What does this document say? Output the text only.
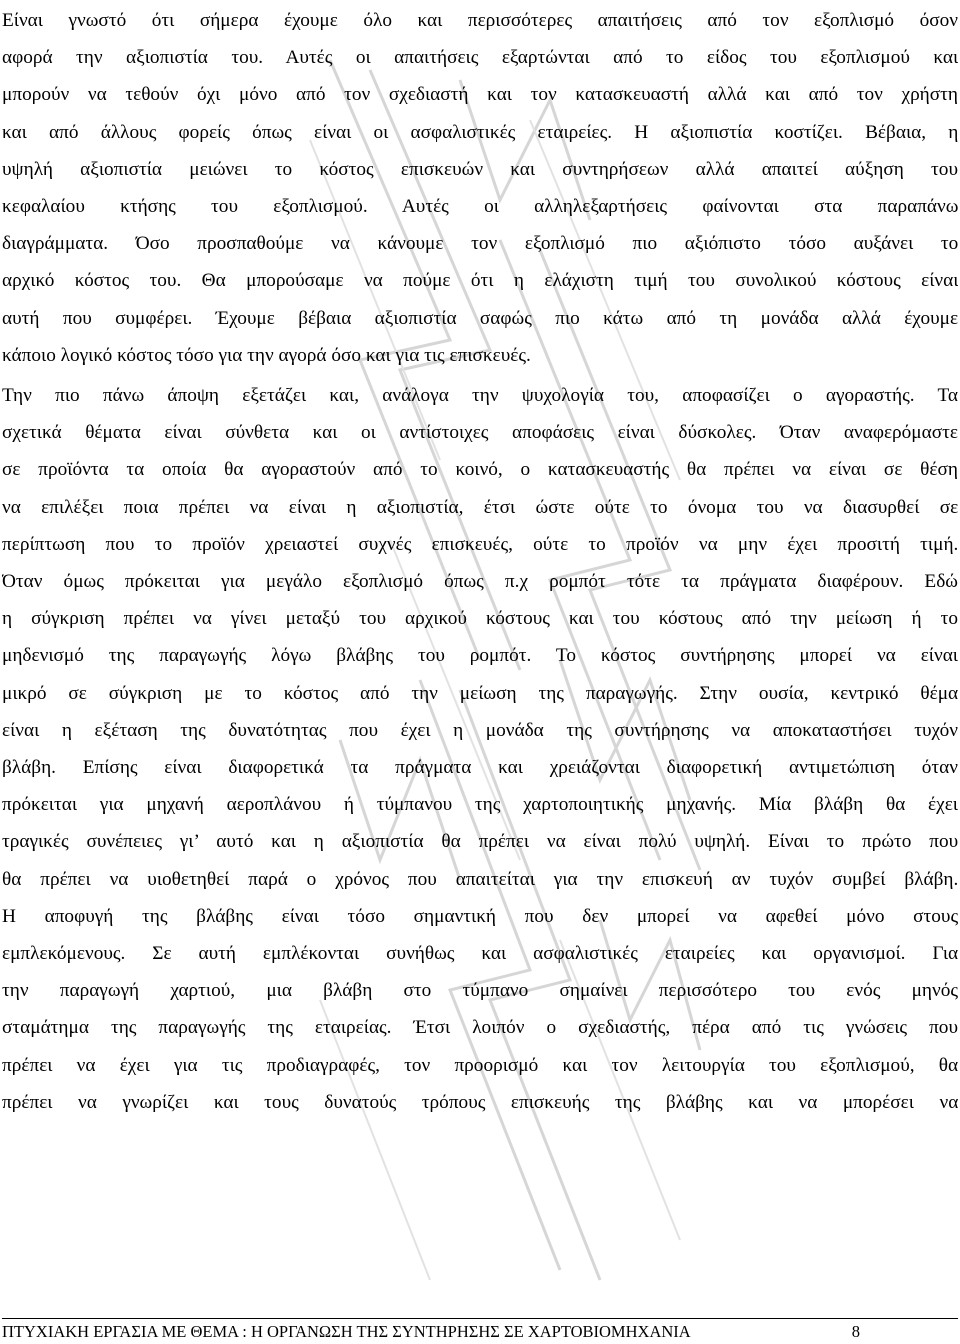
Είναι γνωστό ότι σήμερα έχουμε όλο και περισσότερες απαιτήσεις από τον εξοπλισμό όσον
αφορά την αξιοπιστία του. Αυτές οι απαιτήσεις εξαρτώνται από το είδος του εξοπλισμού και
μπορούν να τεθούν όχι μόνο από τον σχεδιαστή και τον κατασκευαστή αλλά και από τον χρήστη
και από άλλους φορείς όπως είναι οι ασφαλιστικές εταιρείες. Η αξιοπιστία κοστίζει. Βέβαια, η
υψηλή αξιοπιστία μειώνει το κόστος επισκευών και συντηρήσεων αλλά απαιτεί αύξηση του
κεφαλαίου κτήσης του εξοπλισμού. Αυτές οι αλληλεξαρτήσεις φαίνονται στα παραπάνω
διαγράμματα. Όσο προσπαθούμε να κάνουμε τον εξοπλισμό πιο αξιόπιστο τόσο αυξάνει το
αρχικό κόστος του. Θα μπορούσαμε να πούμε ότι η ελάχιστη τιμή του συνολικού κόστους είναι
αυτή που συμφέρει. Έχουμε βέβαια αξιοπιστία σαφώς πιο κάτω από τη μονάδα αλλά έχουμε
κάποιο λογικό κόστος τόσο για την αγορά όσο και για τις επισκευές.
Την πιο πάνω άποψη εξετάζει και, ανάλογα την ψυχολογία του, αποφασίζει ο αγοραστής. Τα
σχετικά θέματα είναι σύνθετα και οι αντίστοιχες αποφάσεις είναι δύσκολες. Όταν αναφερόμαστε
σε προϊόντα τα οποία θα αγοραστούν από το κοινό, ο κατασκευαστής θα πρέπει να είναι σε θέση
να επιλέξει ποια πρέπει να είναι η αξιοπιστία, έτσι ώστε ούτε το όνομα του να διασυρθεί σε
περίπτωση που το προϊόν χρειαστεί συχνές επισκευές, ούτε το προϊόν να μην έχει προσιτή τιμή.
Όταν όμως πρόκειται για μεγάλο εξοπλισμό όπως π.χ ρομπότ τότε τα πράγματα διαφέρουν. Εδώ
η σύγκριση πρέπει να γίνει μεταξύ του αρχικού κόστους και του κόστους από την μείωση ή το
μηδενισμό της παραγωγής λόγω βλάβης του ρομπότ. Το κόστος συντήρησης μπορεί να είναι
μικρό σε σύγκριση με το κόστος από την μείωση της παραγωγής. Στην ουσία, κεντρικό θέμα
είναι η εξέταση της δυνατότητας που έχει η μονάδα της συντήρησης να αποκαταστήσει τυχόν
βλάβη. Επίσης είναι διαφορετικά τα πράγματα και χρειάζονται διαφορετική αντιμετώπιση όταν
πρόκειται για μηχανή αεροπλάνου ή τύμπανου της χαρτοποιητικής μηχανής. Μία βλάβη θα έχει
τραγικές συνέπειες γι’ αυτό και η αξιοπιστία θα πρέπει να είναι πολύ υψηλή. Είναι το πρώτο που
θα πρέπει να υιοθετηθεί παρά ο χρόνος που απαιτείται για την επισκευή αν τυχόν συμβεί βλάβη.
Η αποφυγή της βλάβης είναι τόσο σημαντική που δεν μπορεί να αφεθεί μόνο στους
εμπλεκόμενους. Σε αυτή εμπλέκονται συνήθως και ασφαλιστικές εταιρείες και οργανισμοί. Για
την παραγωγή χαρτιού, μια βλάβη στο τύμπανο σημαίνει περισσότερο του ενός μηνός
σταμάτημα της παραγωγής της εταιρείας. Έτσι λοιπόν ο σχεδιαστής, πέρα από τις γνώσεις που
πρέπει να έχει για τις προδιαγραφές, τον προορισμό και τον λειτουργία του εξοπλισμού, θα
πρέπει να γνωρίζει και τους δυνατούς τρόπους επισκευής της βλάβης και να μπορέσει να
ΠΤΥΧΙΑΚΗ ΕΡΓΑΣΙΑ ΜΕ ΘΕΜΑ : Η ΟΡΓΑΝΩΣΗ ΤΗΣ ΣΥΝΤΗΡΗΣΗΣ ΣΕ ΧΑΡΤΟΒΙΟΜΗΧΑΝΙΑ	8
